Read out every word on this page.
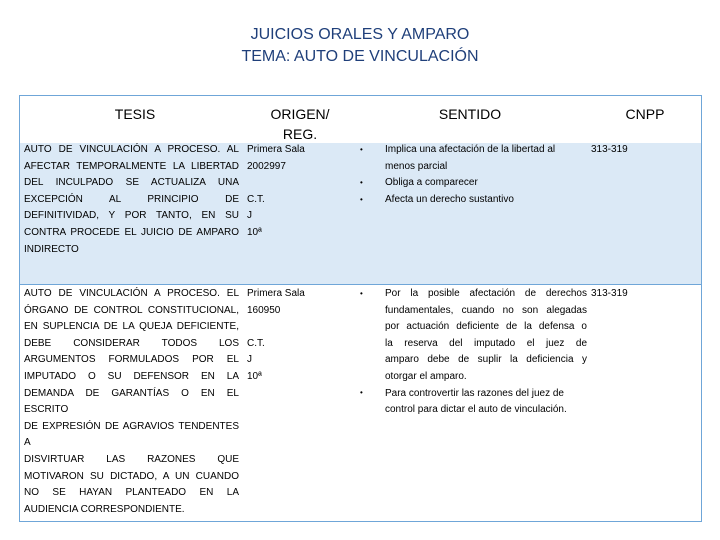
JUICIOS ORALES Y AMPARO
TEMA: AUTO DE VINCULACIÓN
TESIS	ORIGEN/
REG.
SENTIDO	CNPP

AUTO DE VINCULACIÓN A PROCESO. AL

AFECTAR TEMPORALMENTE LA LIBERTAD

DEL INCULPADO SE ACTUALIZA UNA

EXCEPCIÓN AL PRINCIPIO DE

DEFINITIVIDAD, Y POR TANTO, EN SU

CONTRA PROCEDE EL JUICIO DE AMPARO

INDIRECTO

Primera Sala

2002997

C.T.

J

10ª

•
•
•

Implica una afectación de la libertad al

menos parcial

Obliga a comparecer

Afecta un derecho sustantivo

313-319

AUTO DE VINCULACIÓN A PROCESO. EL

ÓRGANO DE CONTROL CONSTITUCIONAL,

EN SUPLENCIA DE LA QUEJA DEFICIENTE,

DEBE CONSIDERAR TODOS LOS

ARGUMENTOS FORMULADOS POR EL

IMPUTADO O SU DEFENSOR EN LA

DEMANDA DE GARANTÍAS O EN EL ESCRITO

DE EXPRESIÓN DE AGRAVIOS TENDENTES A

DISVIRTUAR LAS RAZONES QUE

MOTIVARON SU DICTADO, A UN CUANDO

NO SE HAYAN PLANTEADO EN LA

AUDIENCIA CORRESPONDIENTE.

Primera Sala

160950

C.T.

J

10ª

•
•

Por la posible afectación de derechos

fundamentales, cuando no son alegadas

por actuación deficiente de la defensa o

la reserva del imputado el juez de

amparo debe de suplir la deficiencia y

otorgar el amparo.

Para controvertir las razones del juez de

control para dictar el auto de vinculación.

313-319
